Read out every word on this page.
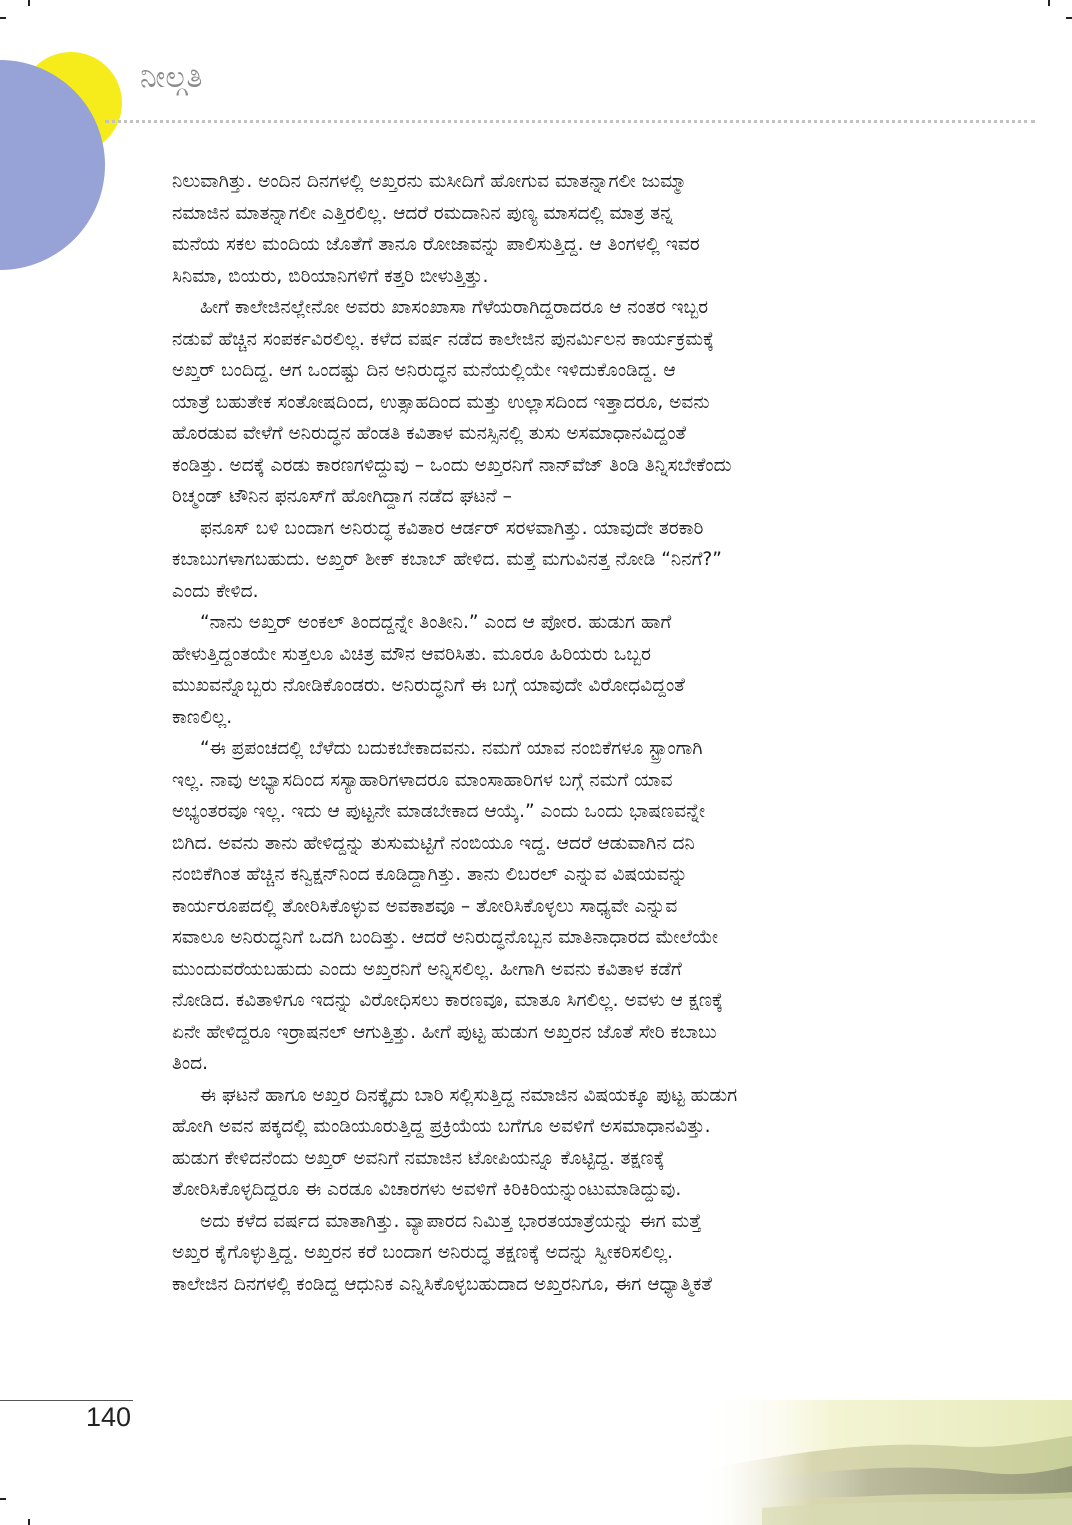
ನೀಲ್ಗತಿ
ನಿಲುವಾಗಿತ್ತು. ಅಂದಿನ ದಿನಗಳಲ್ಲಿ ಅಖ್ತರನು ಮಸೀದಿಗೆ ಹೋಗುವ ಮಾತನ್ನಾಗಲೀ ಜುಮ್ಮಾ
ನಮಾಜಿನ ಮಾತನ್ನಾಗಲೀ ಎತ್ತಿರಲಿಲ್ಲ. ಆದರೆ ರಮದಾನಿನ ಪುಣ್ಯ ಮಾಸದಲ್ಲಿ ಮಾತ್ರ ತನ್ನ
ಮನೆಯ ಸಕಲ ಮಂದಿಯ ಜೊತೆಗೆ ತಾನೂ ರೋಜಾವನ್ನು ಪಾಲಿಸುತ್ತಿದ್ದ. ಆ ತಿಂಗಳಲ್ಲಿ ಇವರ
ಸಿನಿಮಾ, ಬಿಯರು, ಬಿರಿಯಾನಿಗಳಿಗೆ ಕತ್ತರಿ ಬೀಳುತ್ತಿತ್ತು.
ಹೀಗೆ ಕಾಲೇಜಿನಲ್ಲೇನೋ ಅವರು ಖಾಸಂಖಾಸಾ ಗೆಳೆಯರಾಗಿದ್ದರಾದರೂ ಆ ನಂತರ ಇಬ್ಬರ
ನಡುವೆ ಹೆಚ್ಚಿನ ಸಂಪರ್ಕವಿರಲಿಲ್ಲ. ಕಳೆದ ವರ್ಷ ನಡೆದ ಕಾಲೇಜಿನ ಪುನರ್ಮಿಲನ ಕಾರ್ಯಕ್ರಮಕ್ಕೆ
ಅಖ್ತರ್ ಬಂದಿದ್ದ. ಆಗ ಒಂದಷ್ಟು ದಿನ ಅನಿರುದ್ಧನ ಮನೆಯಲ್ಲಿಯೇ ಇಳಿದುಕೊಂಡಿದ್ದ. ಆ
ಯಾತ್ರೆ ಬಹುತೇಕ ಸಂತೋಷದಿಂದ, ಉತ್ಸಾಹದಿಂದ ಮತ್ತು ಉಲ್ಲಾಸದಿಂದ ಇತ್ತಾದರೂ, ಅವನು
ಹೊರಡುವ ವೇಳೆಗೆ ಅನಿರುದ್ಧನ ಹೆಂಡತಿ ಕವಿತಾಳ ಮನಸ್ಸಿನಲ್ಲಿ ತುಸು ಅಸಮಾಧಾನವಿದ್ದಂತೆ
ಕಂಡಿತ್ತು. ಅದಕ್ಕೆ ಎರಡು ಕಾರಣಗಳಿದ್ದುವು – ಒಂದು ಅಖ್ತರನಿಗೆ ನಾನ್‌ವೆಜ್ ತಿಂಡಿ ತಿನ್ನಿಸಬೇಕೆಂದು
ರಿಚ್ಮಂಡ್ ಟೌನಿನ ಫನೂಸ್‌ಗೆ ಹೋಗಿದ್ದಾಗ ನಡೆದ ಘಟನೆ –
ಫನೂಸ್ ಬಳಿ ಬಂದಾಗ ಅನಿರುದ್ಧ ಕವಿತಾರ ಆರ್ಡರ್ ಸರಳವಾಗಿತ್ತು. ಯಾವುದೇ ತರಕಾರಿ
ಕಬಾಬುಗಳಾಗಬಹುದು. ಅಖ್ತರ್ ಶೀಕ್ ಕಬಾಬ್ ಹೇಳಿದ. ಮತ್ತೆ ಮಗುವಿನತ್ತ ನೋಡಿ “ನಿನಗೆ?”
ಎಂದು ಕೇಳಿದ.
“ನಾನು ಅಖ್ತರ್ ಅಂಕಲ್ ತಿಂದದ್ದನ್ನೇ ತಿಂತೀನಿ.” ಎಂದ ಆ ಪೋರ. ಹುಡುಗ ಹಾಗೆ
ಹೇಳುತ್ತಿದ್ದಂತಯೇ ಸುತ್ತಲೂ ವಿಚಿತ್ರ ಮೌನ ಆವರಿಸಿತು. ಮೂರೂ ಹಿರಿಯರು ಒಬ್ಬರ
ಮುಖವನ್ನೊಬ್ಬರು ನೋಡಿಕೊಂಡರು. ಅನಿರುದ್ಧನಿಗೆ ಈ ಬಗ್ಗೆ ಯಾವುದೇ ವಿರೋಧವಿದ್ದಂತೆ
ಕಾಣಲಿಲ್ಲ.
“ಈ ಪ್ರಪಂಚದಲ್ಲಿ ಬೆಳೆದು ಬದುಕಬೇಕಾದವನು. ನಮಗೆ ಯಾವ ನಂಬಿಕೆಗಳೂ ಸ್ಟ್ರಾಂಗಾಗಿ
ಇಲ್ಲ. ನಾವು ಅಭ್ಯಾಸದಿಂದ ಸಸ್ಯಾಹಾರಿಗಳಾದರೂ ಮಾಂಸಾಹಾರಿಗಳ ಬಗ್ಗೆ ನಮಗೆ ಯಾವ
ಅಭ್ಯಂತರವೂ ಇಲ್ಲ. ಇದು ಆ ಪುಟ್ಟನೇ ಮಾಡಬೇಕಾದ ಆಯ್ಕೆ.” ಎಂದು ಒಂದು ಭಾಷಣವನ್ನೇ
ಬಿಗಿದ. ಅವನು ತಾನು ಹೇಳಿದ್ದನ್ನು ತುಸುಮಟ್ಟಿಗೆ ನಂಬಿಯೂ ಇದ್ದ. ಆದರೆ ಆಡುವಾಗಿನ ದನಿ
ನಂಬಿಕೆಗಿಂತ ಹೆಚ್ಚಿನ ಕನ್ವಿಕ್ಷನ್‌ನಿಂದ ಕೂಡಿದ್ದಾಗಿತ್ತು. ತಾನು ಲಿಬರಲ್ ಎನ್ನುವ ವಿಷಯವನ್ನು
ಕಾರ್ಯರೂಪದಲ್ಲಿ ತೋರಿಸಿಕೊಳ್ಳುವ ಅವಕಾಶವೂ – ತೋರಿಸಿಕೊಳ್ಳಲು ಸಾಧ್ಯವೇ ಎನ್ನುವ
ಸವಾಲೂ ಅನಿರುದ್ಧನಿಗೆ ಒದಗಿ ಬಂದಿತ್ತು. ಆದರೆ ಅನಿರುದ್ಧನೊಬ್ಬನ ಮಾತಿನಾಧಾರದ ಮೇಲೆಯೇ
ಮುಂದುವರೆಯಬಹುದು ಎಂದು ಅಖ್ತರನಿಗೆ ಅನ್ನಿಸಲಿಲ್ಲ. ಹೀಗಾಗಿ ಅವನು ಕವಿತಾಳ ಕಡೆಗೆ
ನೋಡಿದ. ಕವಿತಾಳಿಗೂ ಇದನ್ನು ವಿರೋಧಿಸಲು ಕಾರಣವೂ, ಮಾತೂ ಸಿಗಲಿಲ್ಲ. ಅವಳು ಆ ಕ್ಷಣಕ್ಕೆ
ಏನೇ ಹೇಳಿದ್ದರೂ ಇರ್‍ರಾಷನಲ್ ಆಗುತ್ತಿತ್ತು. ಹೀಗೆ ಪುಟ್ಟ ಹುಡುಗ ಅಖ್ತರನ ಜೊತೆ ಸೇರಿ ಕಬಾಬು
ತಿಂದ.
ಈ ಘಟನೆ ಹಾಗೂ ಅಖ್ತರ ದಿನಕ್ಕೈದು ಬಾರಿ ಸಲ್ಲಿಸುತ್ತಿದ್ದ ನಮಾಜಿನ ವಿಷಯಕ್ಕೂ ಪುಟ್ಟ ಹುಡುಗ
ಹೋಗಿ ಅವನ ಪಕ್ಕದಲ್ಲಿ ಮಂಡಿಯೂರುತ್ತಿದ್ದ ಪ್ರಕ್ರಿಯೆಯ ಬಗೆಗೂ ಅವಳಿಗೆ ಅಸಮಾಧಾನವಿತ್ತು.
ಹುಡುಗ ಕೇಳಿದನೆಂದು ಅಖ್ತರ್ ಅವನಿಗೆ ನಮಾಜಿನ ಟೋಪಿಯನ್ನೂ ಕೊಟ್ಟಿದ್ದ. ತಕ್ಷಣಕ್ಕೆ
ತೋರಿಸಿಕೊಳ್ಳದಿದ್ದರೂ ಈ ಎರಡೂ ವಿಚಾರಗಳು ಅವಳಿಗೆ ಕಿರಿಕಿರಿಯನ್ನುಂಟುಮಾಡಿದ್ದುವು.
ಅದು ಕಳೆದ ವರ್ಷದ ಮಾತಾಗಿತ್ತು. ವ್ಯಾಪಾರದ ನಿಮಿತ್ತ ಭಾರತಯಾತ್ರೆಯನ್ನು ಈಗ ಮತ್ತೆ
ಅಖ್ತರ ಕೈಗೊಳ್ಳುತ್ತಿದ್ದ. ಅಖ್ತರನ ಕರೆ ಬಂದಾಗ ಅನಿರುದ್ಧ ತಕ್ಷಣಕ್ಕೆ ಅದನ್ನು ಸ್ವೀಕರಿಸಲಿಲ್ಲ.
ಕಾಲೇಜಿನ ದಿನಗಳಲ್ಲಿ ಕಂಡಿದ್ದ ಆಧುನಿಕ ಎನ್ನಿಸಿಕೊಳ್ಳಬಹುದಾದ ಅಖ್ತರನಿಗೂ, ಈಗ ಆಧ್ಯಾತ್ಮಿಕತೆ
140
